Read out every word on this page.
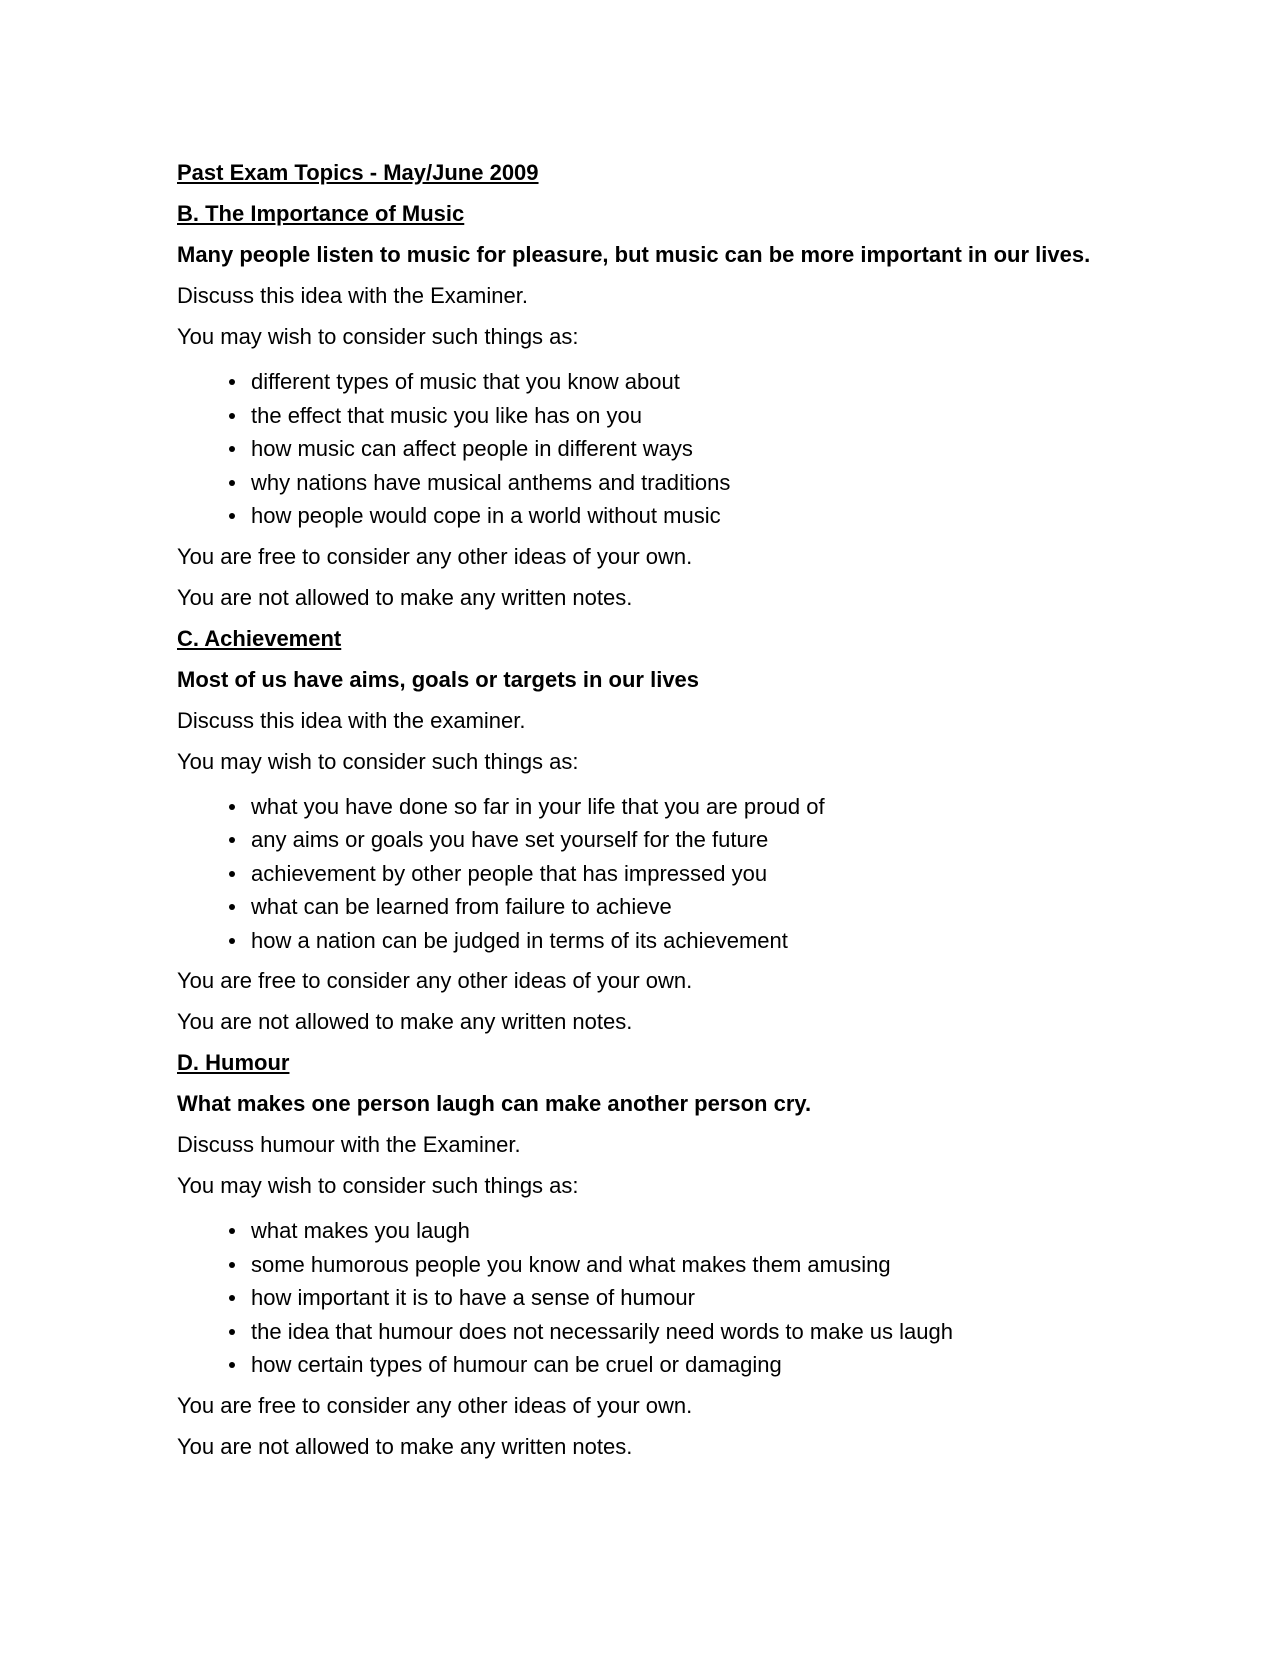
Past Exam Topics - May/June 2009
B. The Importance of Music
Many people listen to music for pleasure, but music can be more important in our lives.
Discuss this idea with the Examiner.
You may wish to consider such things as:
different types of music that you know about
the effect that music you like has on you
how music can affect people in different ways
why nations have musical anthems and traditions
how people would cope in a world without music
You are free to consider any other ideas of your own.
You are not allowed to make any written notes.
C. Achievement
Most of us have aims, goals or targets in our lives
Discuss this idea with the examiner.
You may wish to consider such things as:
what you have done so far in your life that you are proud of
any aims or goals you have set yourself for the future
achievement by other people that has impressed you
what can be learned from failure to achieve
how a nation can be judged in terms of its achievement
You are free to consider any other ideas of your own.
You are not allowed to make any written notes.
D. Humour
What makes one person laugh can make another person cry.
Discuss humour with the Examiner.
You may wish to consider such things as:
what makes you laugh
some humorous people you know and what makes them amusing
how important it is to have a sense of humour
the idea that humour does not necessarily need words to make us laugh
how certain types of humour can be cruel or damaging
You are free to consider any other ideas of your own.
You are not allowed to make any written notes.
